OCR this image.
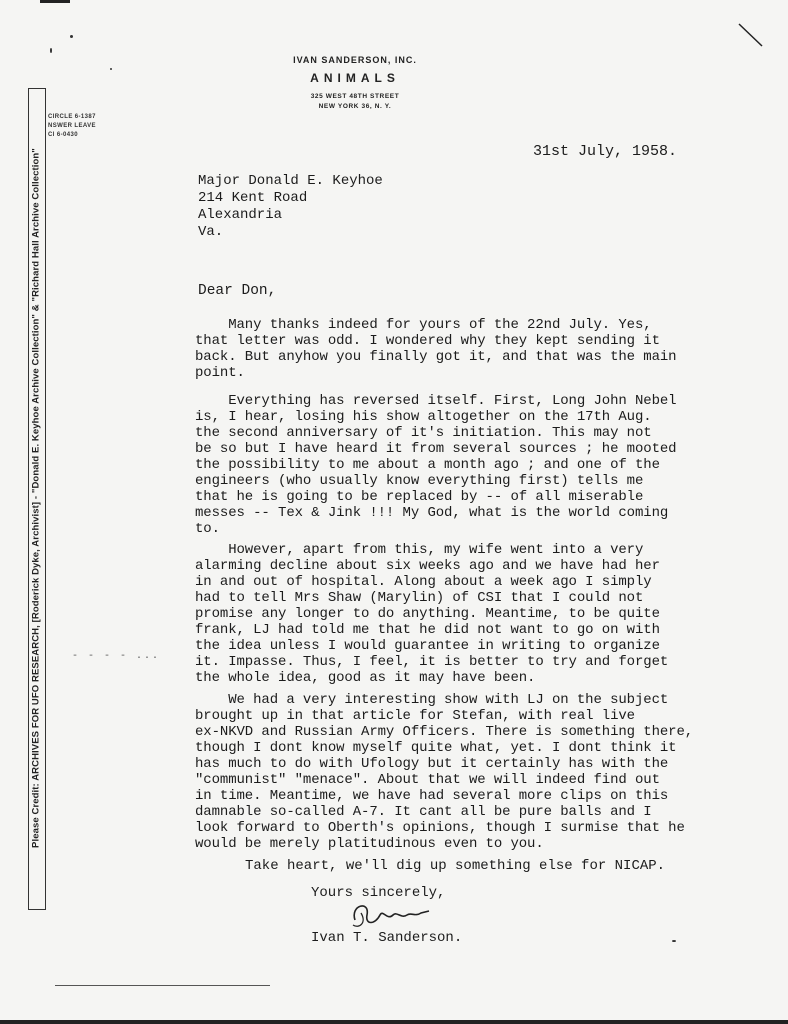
Please Credit: ARCHIVES FOR UFO RESEARCH, [Roderick Dyke, Archivist] - "Donald E. Keyhoe Archive Collection" & "Richard Hall Archive Collection"
CIRCLE 6-1387
NSWER LEAVE
CI 6-0430
IVAN SANDERSON, INC.
ANIMALS
325 WEST 48TH STREET
NEW YORK 36, N. Y.
31st July, 1958.
Major Donald E. Keyhoe
214 Kent Road
Alexandria
Va.
Dear Don,
Many thanks indeed for yours of the 22nd July. Yes,
that letter was odd. I wondered why they kept sending it
back. But anyhow you finally got it, and that was the main
point.
Everything has reversed itself. First, Long John Nebel
is, I hear, losing his show altogether on the 17th Aug.
the second anniversary of it's initiation. This may not
be so but I have heard it from several sources ; he mooted
the possibility to me about a month ago ; and one of the
engineers (who usually know everything first) tells me
that he is going to be replaced by -- of all miserable
messes -- Tex & Jink !!! My God, what is the world coming
to.
However, apart from this, my wife went into a very
alarming decline about six weeks ago and we have had her
in and out of hospital. Along about a week ago I simply
had to tell Mrs Shaw (Marylin) of CSI that I could not
promise any longer to do anything. Meantime, to be quite
frank, LJ had told me that he did not want to go on with
the idea unless I would guarantee in writing to organize
it. Impasse. Thus, I feel, it is better to try and forget
the whole idea, good as it may have been.
We had a very interesting show with LJ on the subject
brought up in that article for Stefan, with real live
ex-NKVD and Russian Army Officers. There is something there,
though I dont know myself quite what, yet. I dont think it
has much to do with Ufology but it certainly has with the
"communist" "menace". About that we will indeed find out
in time. Meantime, we have had several more clips on this
damnable so-called A-7. It cant all be pure balls and I
look forward to Oberth's opinions, though I surmise that he
would be merely platitudinous even to you.
- - - - ...
Take heart, we'll dig up something else for NICAP.
Yours sincerely,
Ivan T. Sanderson.
